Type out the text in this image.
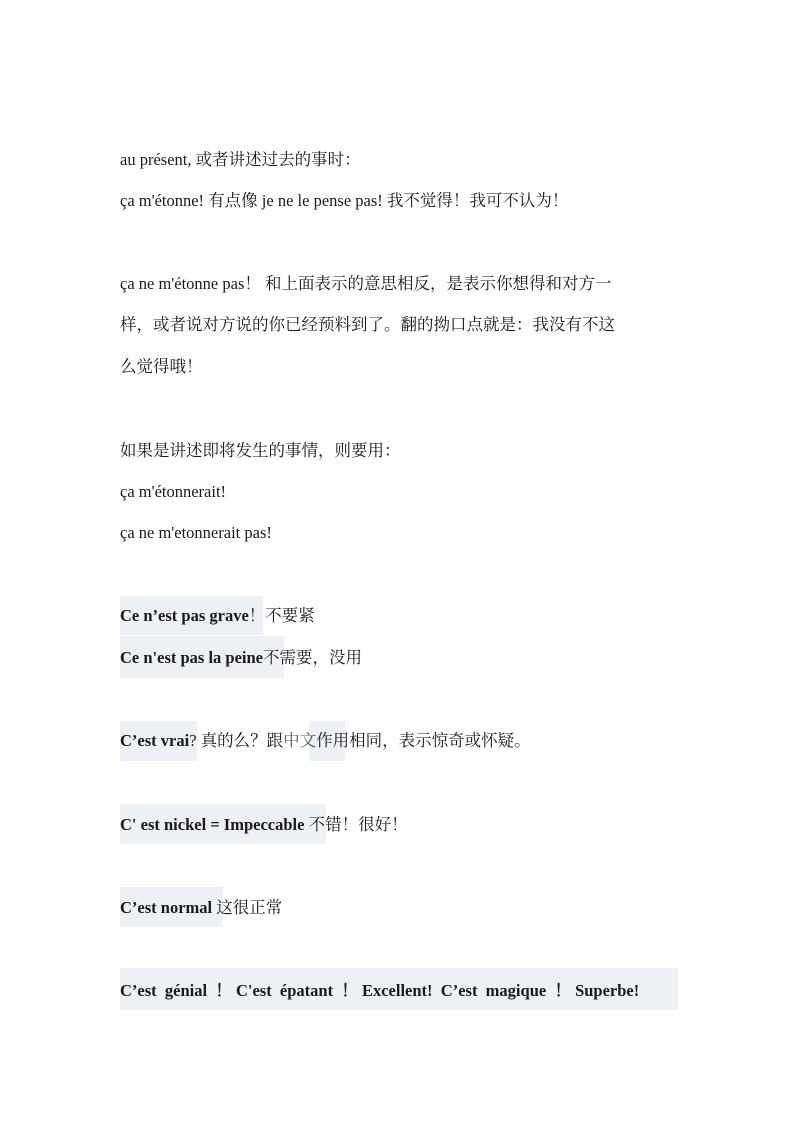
au présent, 或者讲述过去的事时：
ça m'étonne! 有点像 je ne le pense pas! 我不觉得！我可不认为！
ça ne m'étonne pas！ 和上面表示的意思相反，是表示你想得和对方一
样，或者说对方说的你已经预料到了。翻的拗口点就是：我没有不这
么觉得哦！
如果是讲述即将发生的事情，则要用：
ça m'étonnerait!
ça ne m'etonnerait pas!
Ce n’est pas grave！不要紧
Ce n'est pas la peine不需要，没用
C’est vrai? 真的么？跟中文作用相同，表示惊奇或怀疑。
C' est nickel = Impeccable 不错！很好！
C’est normal 这很正常
C’est  génial  ！ C'est  épatant  ！ Excellent!  C’est  magique  ！ Superbe!
